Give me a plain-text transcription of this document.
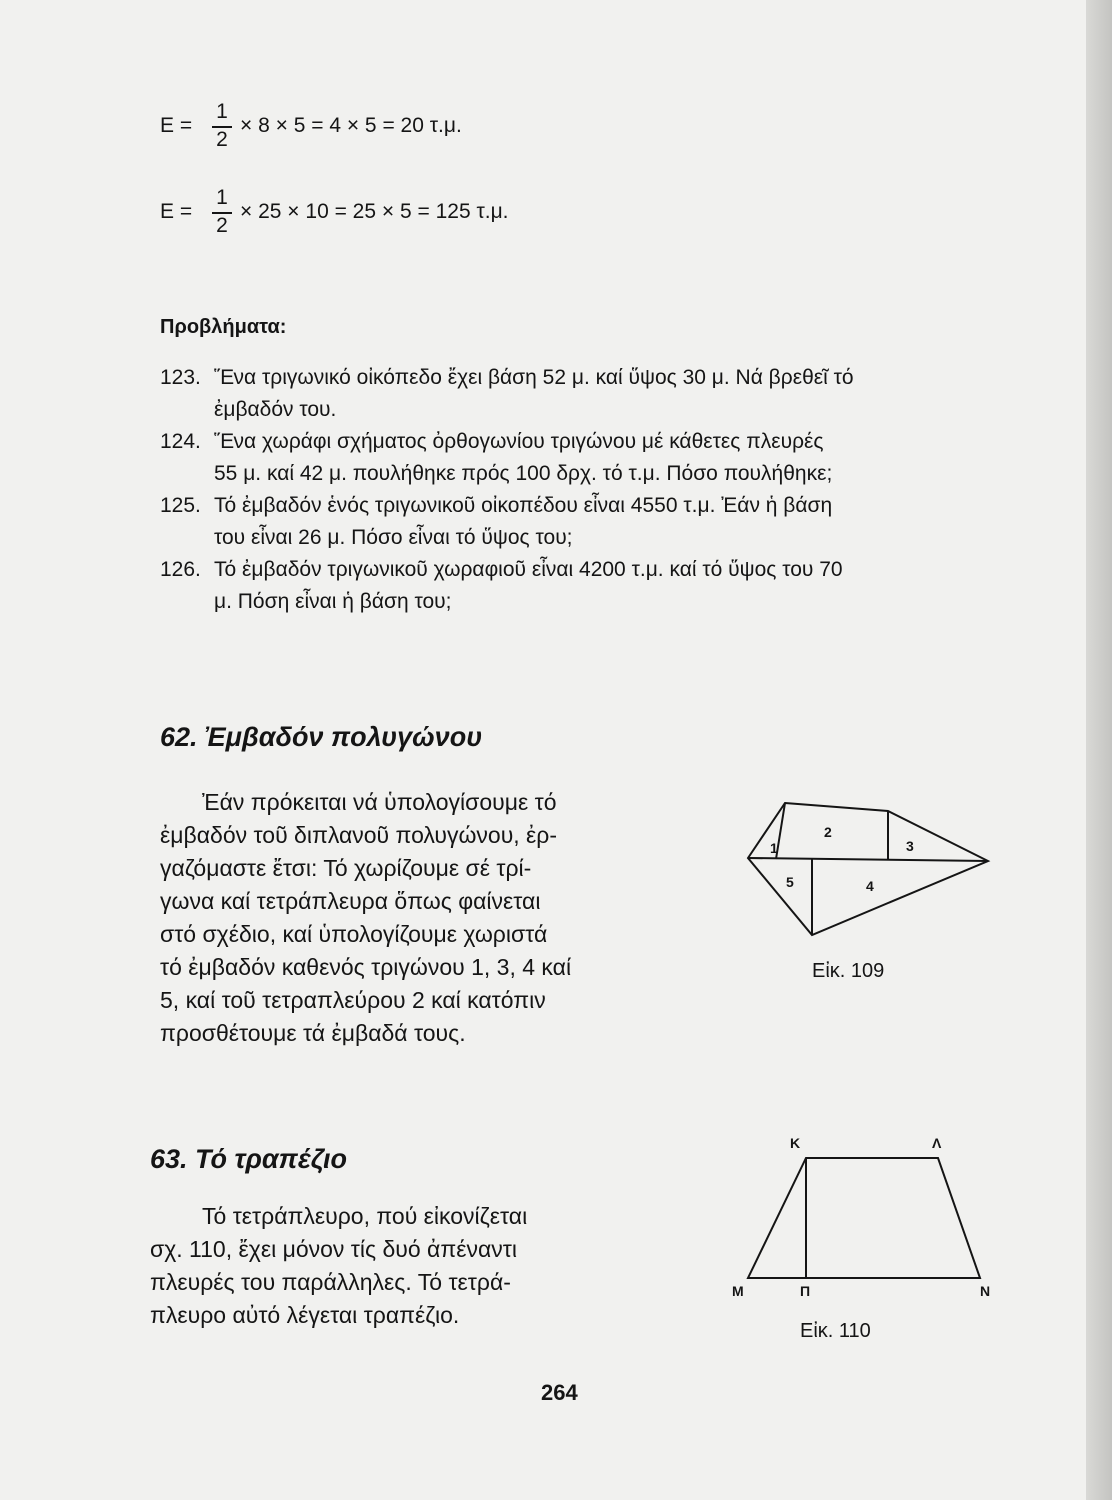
E =
1
2
× 8 × 5 = 4 × 5 = 20 τ.μ.
E =
1
2
× 25 × 10 = 25 × 5 = 125 τ.μ.
Προβλήματα:
123. Ἕνα τριγωνικό οἰκόπεδο ἔχει βάση 52 μ. καί ὕψος 30 μ. Νά βρεθεῖ τό
ἐμβαδόν του.
124. Ἕνα χωράφι σχήματος ὀρθογωνίου τριγώνου μέ κάθετες πλευρές
55 μ. καί 42 μ. πουλήθηκε πρός 100 δρχ. τό τ.μ. Πόσο πουλήθηκε;
125. Τό ἐμβαδόν ἑνός τριγωνικοῦ οἰκοπέδου εἶναι 4550 τ.μ. Ἐάν ἡ βάση
του εἶναι 26 μ. Πόσο εἶναι τό ὕψος του;
126. Τό ἐμβαδόν τριγωνικοῦ χωραφιοῦ εἶναι 4200 τ.μ. καί τό ὕψος του 70
μ. Πόση εἶναι ἡ βάση του;
62. Ἐμβαδόν πολυγώνου
Ἐάν πρόκειται νά ὑπολογίσουμε τό
ἐμβαδόν τοῦ διπλανοῦ πολυγώνου, ἐρ-
γαζόμαστε ἔτσι: Τό χωρίζουμε σέ τρί-
γωνα καί τετράπλευρα ὅπως φαίνεται
στό σχέδιο, καί ὑπολογίζουμε χωριστά
τό ἐμβαδόν καθενός τριγώνου 1, 3, 4 καί
5, καί τοῦ τετραπλεύρου 2 καί κατόπιν
προσθέτουμε τά ἐμβαδά τους.
1
2
3
4
5
Εἰκ. 109
63. Τό τραπέζιο
Τό τετράπλευρο, πού εἰκονίζεται
σχ. 110, ἔχει μόνον τίς δυό ἀπέναντι
πλευρές του παράλληλες. Τό τετρά-
πλευρο αὐτό λέγεται τραπέζιο.
Κ	Λ
Μ	Π	Ν
Εἰκ. 110
264
